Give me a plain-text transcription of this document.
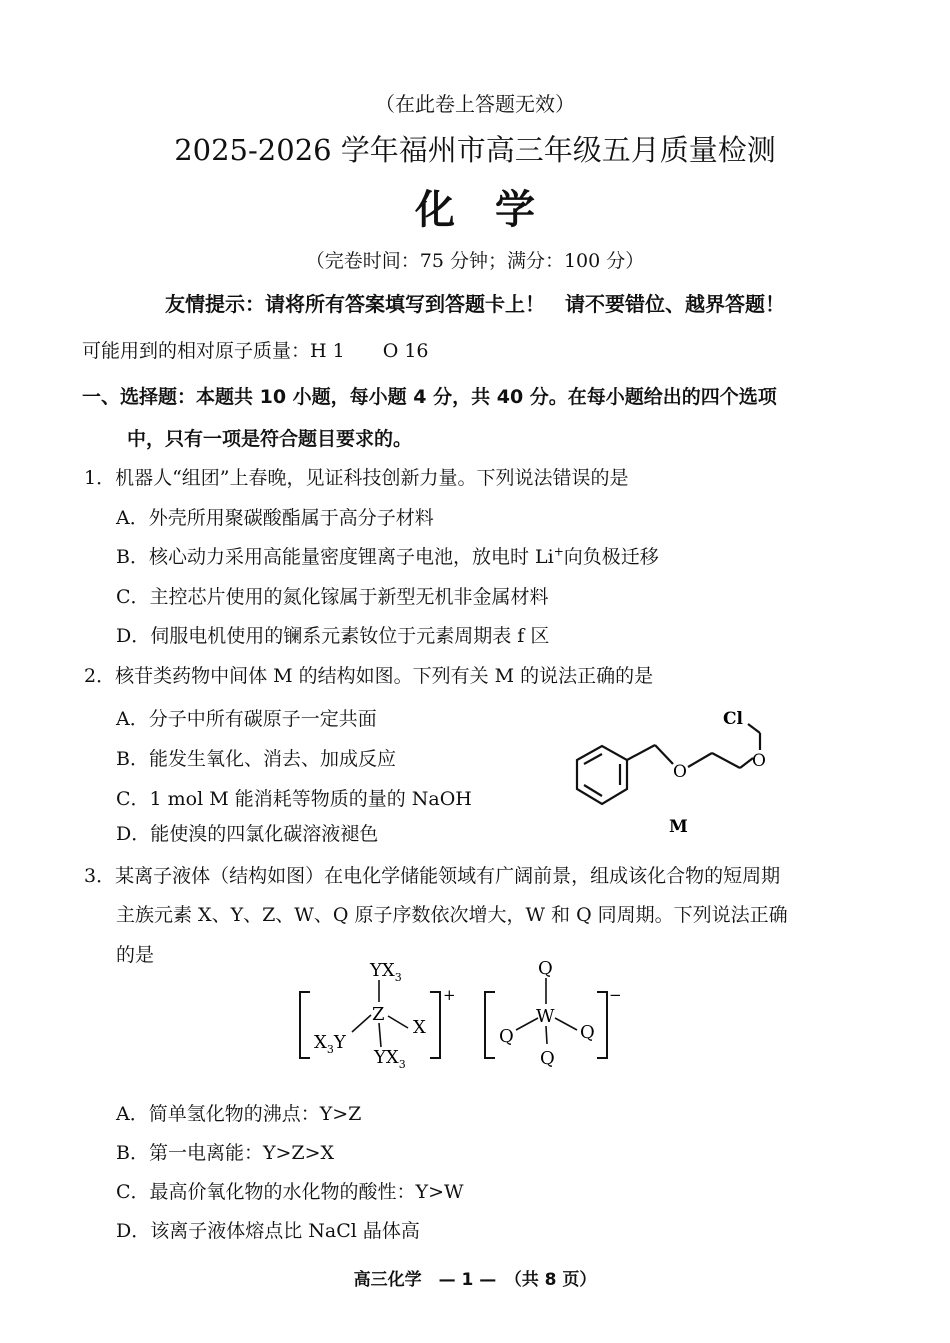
（在此卷上答题无效）
2025-2026 学年福州市高三年级五月质量检测
化　学
（完卷时间：75 分钟；满分：100 分）
友情提示：请将所有答案填写到答题卡上！　请不要错位、越界答题！
可能用到的相对原子质量：H 1　　O 16
一、选择题：本题共 10 小题，每小题 4 分，共 40 分。在每小题给出的四个选项
中，只有一项是符合题目要求的。
1．机器人“组团”上春晚，见证科技创新力量。下列说法错误的是
A．外壳所用聚碳酸酯属于高分子材料
B．核心动力采用高能量密度锂离子电池，放电时 Li+向负极迁移
C．主控芯片使用的氮化镓属于新型无机非金属材料
D．伺服电机使用的镧系元素钕位于元素周期表 f 区
2．核苷类药物中间体 M 的结构如图。下列有关 M 的说法正确的是
A．分子中所有碳原子一定共面
B．能发生氧化、消去、加成反应
C．1 mol M 能消耗等物质的量的 NaOH
D．能使溴的四氯化碳溶液褪色
O
O
Cl
M
3．某离子液体（结构如图）在电化学储能领域有广阔前景，组成该化合物的短周期
主族元素 X、Y、Z、W、Q 原子序数依次增大，W 和 Q 同周期。下列说法正确
的是
+
$YX_3$
Z
X
$X_3Y$
$YX_3$
−
Q
W
Q	Q
Q
A．简单氢化物的沸点：Y>Z
B．第一电离能：Y>Z>X
C．最高价氧化物的水化物的酸性：Y>W
D．该离子液体熔点比 NaCl 晶体高
高三化学　— 1 —　（共 8 页）
